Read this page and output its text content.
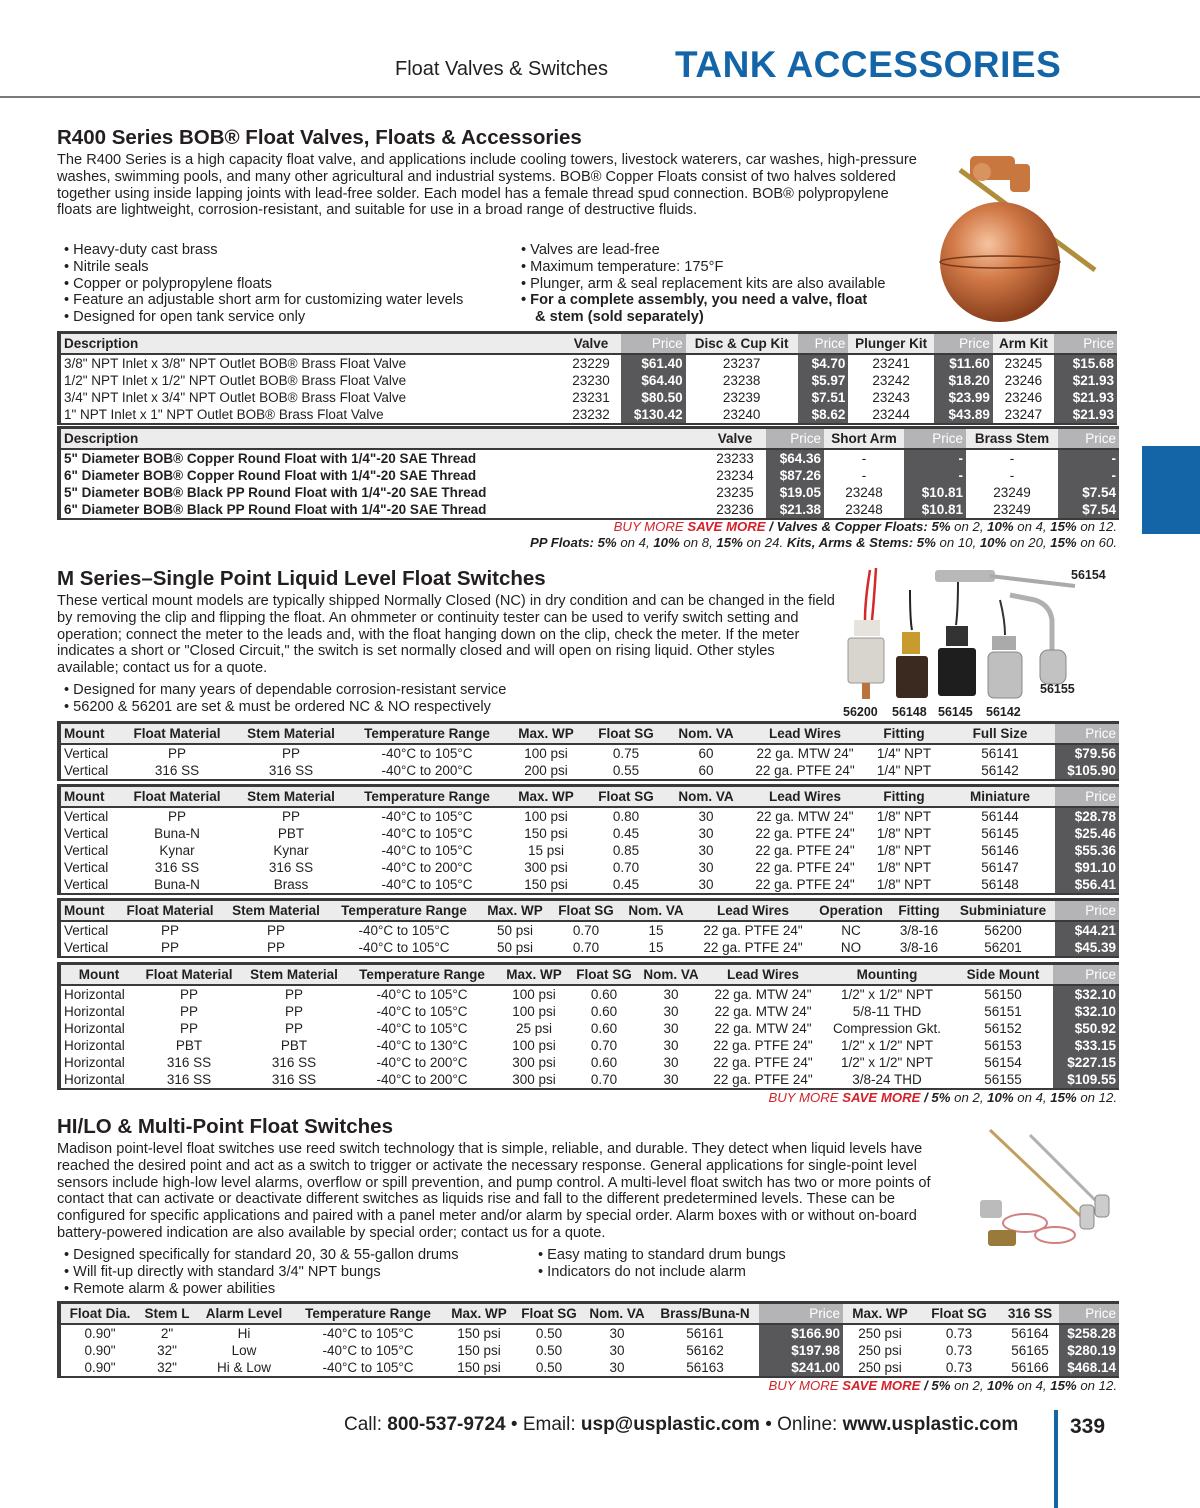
Float Valves & Switches TANK ACCESSORIES
R400 Series BOB® Float Valves, Floats & Accessories
The R400 Series is a high capacity float valve, and applications include cooling towers, livestock waterers, car washes, high-pressure washes, swimming pools, and many other agricultural and industrial systems. BOB® Copper Floats consist of two halves soldered together using inside lapping joints with lead-free solder. Each model has a female thread spud connection. BOB® polypropylene floats are lightweight, corrosion-resistant, and suitable for use in a broad range of destructive fluids.
• Heavy-duty cast brass
• Nitrile seals
• Copper or polypropylene floats
• Feature an adjustable short arm for customizing water levels
• Designed for open tank service only
• Valves are lead-free
• Maximum temperature: 175°F
• Plunger, arm & seal replacement kits are also available
• For a complete assembly, you need a valve, float
& stem (sold separately)
Description	Valve	Price	Disc & Cup Kit	Price	Plunger Kit	Price	Arm Kit	Price
3/8" NPT Inlet x 3/8" NPT Outlet BOB® Brass Float Valve	23229	$61.40	23237	$4.70	23241	$11.60	23245	$15.68
1/2" NPT Inlet x 1/2" NPT Outlet BOB® Brass Float Valve	23230	$64.40	23238	$5.97	23242	$18.20	23246	$21.93
3/4" NPT Inlet x 3/4" NPT Outlet BOB® Brass Float Valve	23231	$80.50	23239	$7.51	23243	$23.99	23246	$21.93
1" NPT Inlet x 1" NPT Outlet BOB® Brass Float Valve	23232	$130.42	23240	$8.62	23244	$43.89	23247	$21.93
Description	Valve	Price	Short Arm	Price	Brass Stem	Price
5" Diameter BOB® Copper Round Float with 1/4"-20 SAE Thread	23233	$64.36	-	-	-	-
6" Diameter BOB® Copper Round Float with 1/4"-20 SAE Thread	23234	$87.26	-	-	-	-
5" Diameter BOB® Black PP Round Float with 1/4"-20 SAE Thread	23235	$19.05	23248	$10.81	23249	$7.54
6" Diameter BOB® Black PP Round Float with 1/4"-20 SAE Thread	23236	$21.38	23248	$10.81	23249	$7.54
BUY MORE SAVE MORE / Valves & Copper Floats: 5% on 2, 10% on 4, 15% on 12.
PP Floats: 5% on 4, 10% on 8, 15% on 24. Kits, Arms & Stems: 5% on 10, 10% on 20, 15% on 60.
M Series–Single Point Liquid Level Float Switches
These vertical mount models are typically shipped Normally Closed (NC) in dry condition and can be changed in the field by removing the clip and flipping the float. An ohmmeter or continuity tester can be used to verify switch setting and operation; connect the meter to the leads and, with the float hanging down on the clip, check the meter. If the meter indicates a short or "Closed Circuit," the switch is set normally closed and will open on rising liquid. Other styles available; contact us for a quote.
• Designed for many years of dependable corrosion-resistant service
• 56200 & 56201 are set & must be ordered NC & NO respectively
56154
56155
56200 56148 56145 56142
Mount	Float Material	Stem Material	Temperature Range	Max. WP	Float SG	Nom. VA	Lead Wires	Fitting	Full Size	Price
Vertical	PP	PP	-40°C to 105°C	100 psi	0.75	60	22 ga. MTW 24"	1/4" NPT	56141	$79.56
Vertical	316 SS	316 SS	-40°C to 200°C	200 psi	0.55	60	22 ga. PTFE 24"	1/4" NPT	56142	$105.90
Mount	Float Material	Stem Material	Temperature Range	Max. WP	Float SG	Nom. VA	Lead Wires	Fitting	Miniature	Price
Vertical	PP	PP	-40°C to 105°C	100 psi	0.80	30	22 ga. MTW 24"	1/8" NPT	56144	$28.78
Vertical	Buna-N	PBT	-40°C to 105°C	150 psi	0.45	30	22 ga. PTFE 24"	1/8" NPT	56145	$25.46
Vertical	Kynar	Kynar	-40°C to 105°C	15 psi	0.85	30	22 ga. PTFE 24"	1/8" NPT	56146	$55.36
Vertical	316 SS	316 SS	-40°C to 200°C	300 psi	0.70	30	22 ga. PTFE 24"	1/8" NPT	56147	$91.10
Vertical	Buna-N	Brass	-40°C to 105°C	150 psi	0.45	30	22 ga. PTFE 24"	1/8" NPT	56148	$56.41
Mount	Float Material	Stem Material	Temperature Range	Max. WP	Float SG	Nom. VA	Lead Wires	Operation	Fitting	Subminiature	Price
Vertical	PP	PP	-40°C to 105°C	50 psi	0.70	15	22 ga. PTFE 24"	NC	3/8-16	56200	$44.21
Vertical	PP	PP	-40°C to 105°C	50 psi	0.70	15	22 ga. PTFE 24"	NO	3/8-16	56201	$45.39
Mount	Float Material	Stem Material	Temperature Range	Max. WP	Float SG	Nom. VA	Lead Wires	Mounting	Side Mount	Price
Horizontal	PP	PP	-40°C to 105°C	100 psi	0.60	30	22 ga. MTW 24"	1/2" x 1/2" NPT	56150	$32.10
Horizontal	PP	PP	-40°C to 105°C	100 psi	0.60	30	22 ga. MTW 24"	5/8-11 THD	56151	$32.10
Horizontal	PP	PP	-40°C to 105°C	25 psi	0.60	30	22 ga. MTW 24"	Compression Gkt.	56152	$50.92
Horizontal	PBT	PBT	-40°C to 130°C	100 psi	0.70	30	22 ga. PTFE 24"	1/2" x 1/2" NPT	56153	$33.15
Horizontal	316 SS	316 SS	-40°C to 200°C	300 psi	0.60	30	22 ga. PTFE 24"	1/2" x 1/2" NPT	56154	$227.15
Horizontal	316 SS	316 SS	-40°C to 200°C	300 psi	0.70	30	22 ga. PTFE 24"	3/8-24 THD	56155	$109.55
BUY MORE SAVE MORE / 5% on 2, 10% on 4, 15% on 12.
HI/LO & Multi-Point Float Switches
Madison point-level float switches use reed switch technology that is simple, reliable, and durable. They detect when liquid levels have reached the desired point and act as a switch to trigger or activate the necessary response. General applications for single-point level sensors include high-low level alarms, overflow or spill prevention, and pump control. A multi-level float switch has two or more points of contact that can activate or deactivate different switches as liquids rise and fall to the different predetermined levels. These can be configured for specific applications and paired with a panel meter and/or alarm by special order. Alarm boxes with or without on-board battery-powered indication are also available by special order; contact us for a quote.
• Designed specifically for standard 20, 30 & 55-gallon drums
• Will fit-up directly with standard 3/4" NPT bungs
• Remote alarm & power abilities
• Easy mating to standard drum bungs
• Indicators do not include alarm
Float Dia.	Stem L	Alarm Level	Temperature Range	Max. WP	Float SG	Nom. VA	Brass/Buna-N	Price	Max. WP	Float SG	316 SS	Price
0.90"	2"	Hi	-40°C to 105°C	150 psi	0.50	30	56161	$166.90	250 psi	0.73	56164	$258.28
0.90"	32"	Low	-40°C to 105°C	150 psi	0.50	30	56162	$197.98	250 psi	0.73	56165	$280.19
0.90"	32"	Hi & Low	-40°C to 105°C	150 psi	0.50	30	56163	$241.00	250 psi	0.73	56166	$468.14
BUY MORE SAVE MORE / 5% on 2, 10% on 4, 15% on 12.
Call: 800-537-9724 • Email: usp@usplastic.com • Online: www.usplastic.com 339
